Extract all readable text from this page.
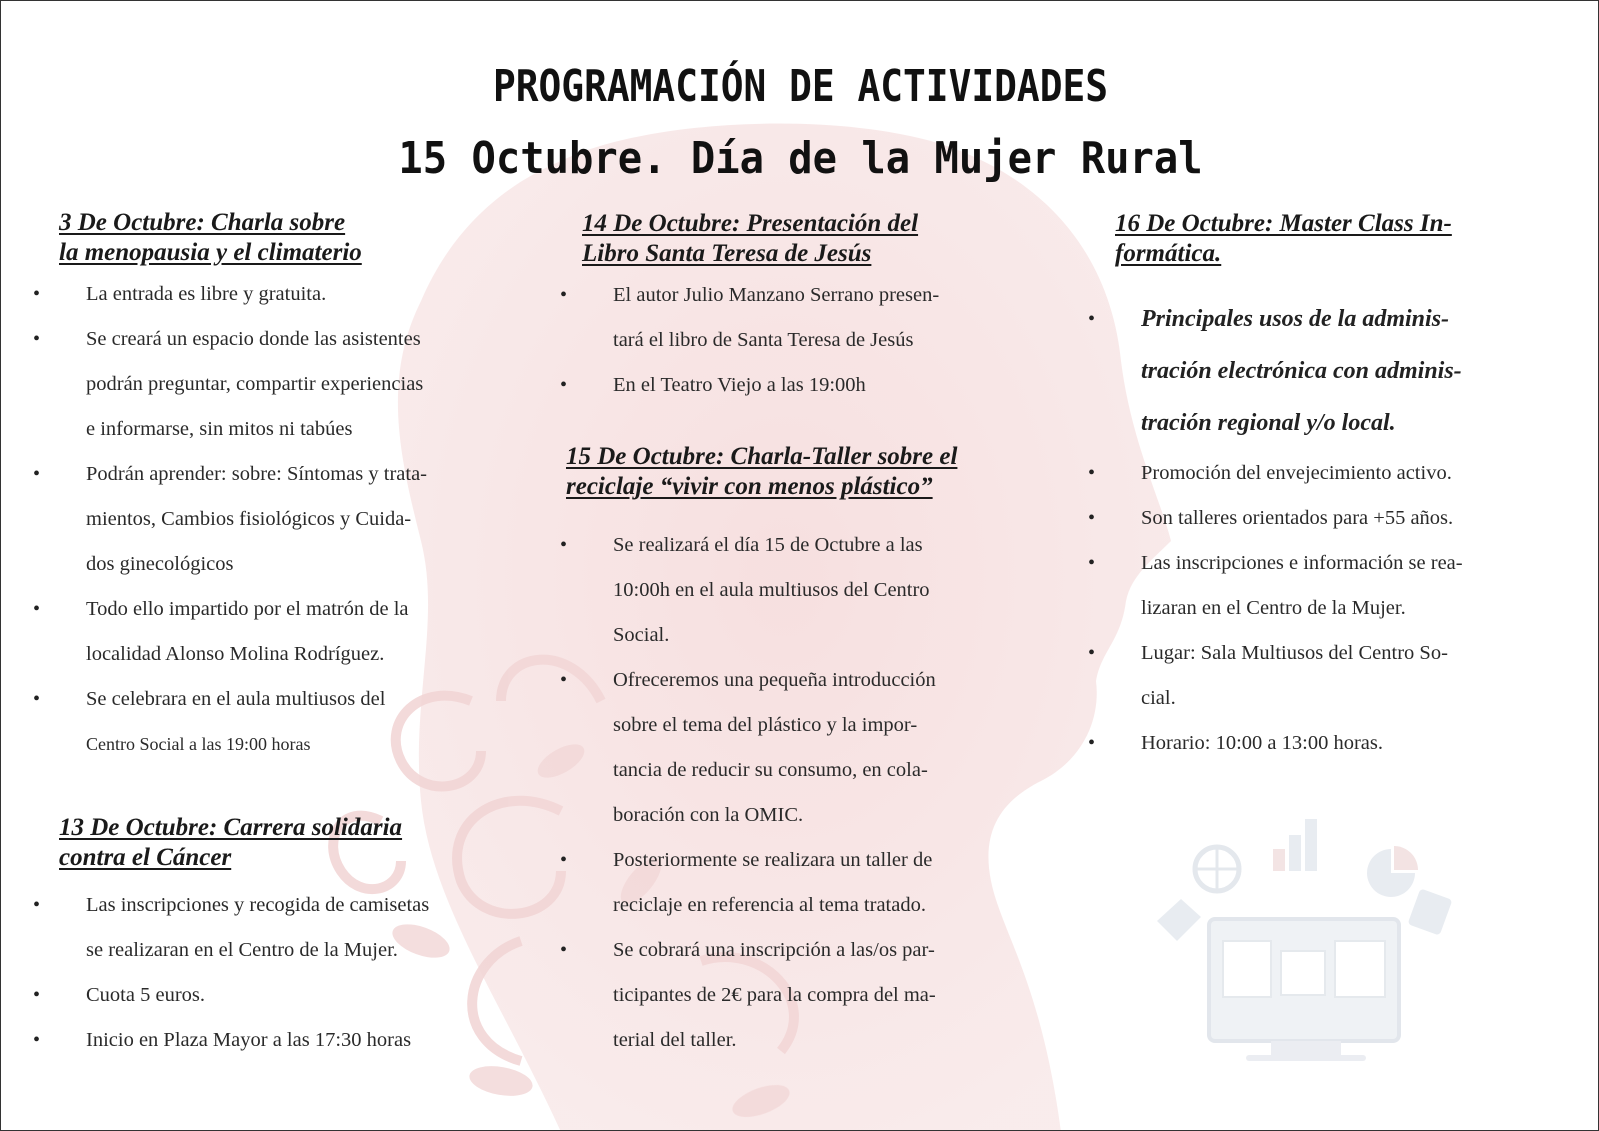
PROGRAMACIÓN DE ACTIVIDADES
15 Octubre. Día de la Mujer Rural
3 De Octubre: Charla sobre
la menopausia y el climaterio
• La entrada es libre y gratuita.
• Se creará un espacio donde las asistentes
podrán preguntar, compartir experiencias
e informarse, sin mitos ni tabúes
• Podrán aprender: sobre: Síntomas y trata-
mientos, Cambios fisiológicos y Cuida-
dos ginecológicos
• Todo ello impartido por el matrón de la
localidad Alonso Molina Rodríguez.
• Se celebrara en el aula multiusos del
Centro Social a las 19:00 horas
13 De Octubre: Carrera solidaria
contra el Cáncer
• Las inscripciones y recogida de camisetas
se realizaran en el Centro de la Mujer.
• Cuota 5 euros.
• Inicio en Plaza Mayor a las 17:30 horas
14 De Octubre: Presentación del
Libro Santa Teresa de Jesús
• El autor Julio Manzano Serrano presen-
tará el libro de Santa Teresa de Jesús
• En el Teatro Viejo a las 19:00h
15 De Octubre: Charla-Taller sobre el
reciclaje “vivir con menos plástico”
• Se realizará el día 15 de Octubre a las
10:00h en el aula multiusos del Centro
Social.
• Ofreceremos una pequeña introducción
sobre el tema del plástico y la impor-
tancia de reducir su consumo, en cola-
boración con la OMIC.
• Posteriormente se realizara un taller de
reciclaje en referencia al tema tratado.
• Se cobrará una inscripción a las/os par-
ticipantes de 2€ para la compra del ma-
terial del taller.
16 De Octubre: Master Class In-
formática.
• Principales usos de la adminis-
tración electrónica con adminis-
tración regional y/o local.
• Promoción del envejecimiento activo.
• Son talleres orientados para +55 años.
• Las inscripciones e información se rea-
lizaran en el Centro de la Mujer.
• Lugar: Sala Multiusos del Centro So-
cial.
• Horario: 10:00 a 13:00 horas.
